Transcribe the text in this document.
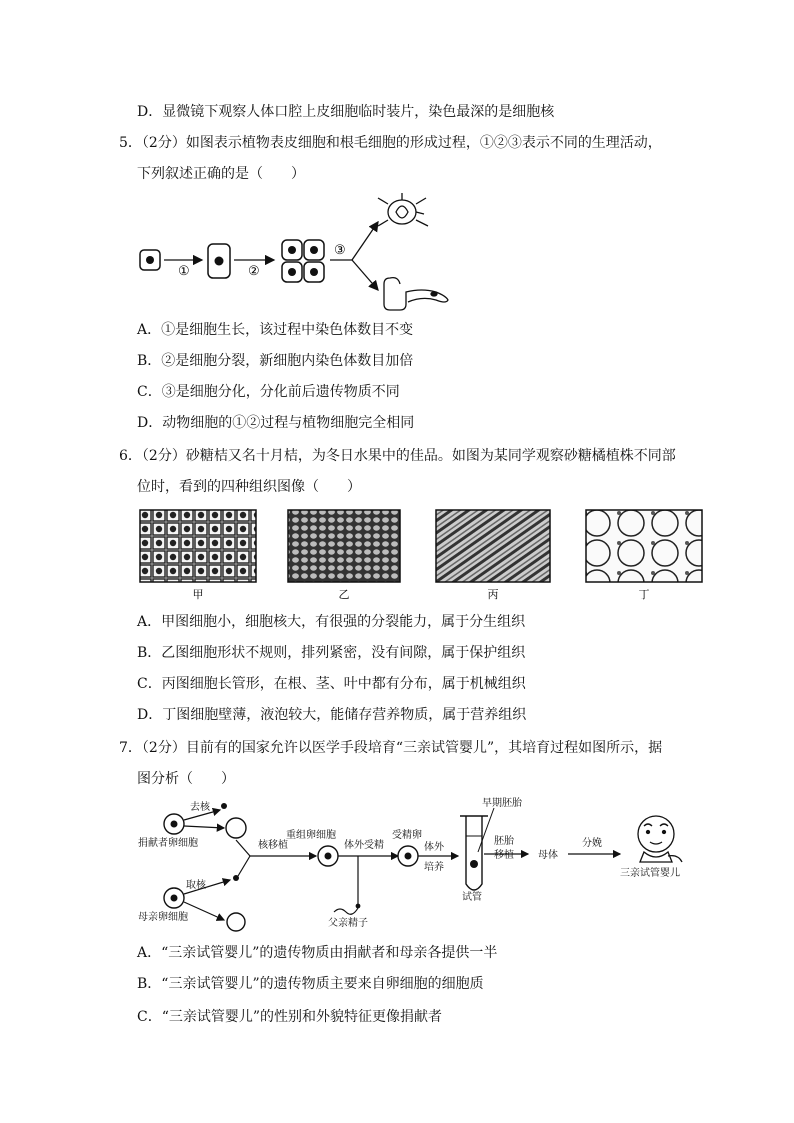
D．显微镜下观察人体口腔上皮细胞临时装片，染色最深的是细胞核
5．（2分）如图表示植物表皮细胞和根毛细胞的形成过程，①②③表示不同的生理活动，
下列叙述正确的是（　　）
①	②
③
A．①是细胞生长，该过程中染色体数目不变
B．②是细胞分裂，新细胞内染色体数目加倍
C．③是细胞分化，分化前后遗传物质不同
D．动物细胞的①②过程与植物细胞完全相同
6．（2分）砂糖桔又名十月桔，为冬日水果中的佳品。如图为某同学观察砂糖橘植株不同部
位时，看到的四种组织图像（　　）
甲	乙	丙	丁
A．甲图细胞小，细胞核大，有很强的分裂能力，属于分生组织
B．乙图细胞形状不规则，排列紧密，没有间隙，属于保护组织
C．丙图细胞长管形，在根、茎、叶中都有分布，属于机械组织
D．丁图细胞壁薄，液泡较大，能储存营养物质，属于营养组织
7．（2分）目前有的国家允许以医学手段培育“三亲试管婴儿”，其培育过程如图所示，据
图分析（　　）
捐献者卵细胞
去核
母亲卵细胞
取核
核移植
重组卵细胞
体外受精
父亲精子
受精卵
体外
培养
试管
早期胚胎
胚胎
移植 母体
分娩
三亲试管婴儿
A．“三亲试管婴儿”的遗传物质由捐献者和母亲各提供一半
B．“三亲试管婴儿”的遗传物质主要来自卵细胞的细胞质
C．“三亲试管婴儿”的性别和外貌特征更像捐献者
